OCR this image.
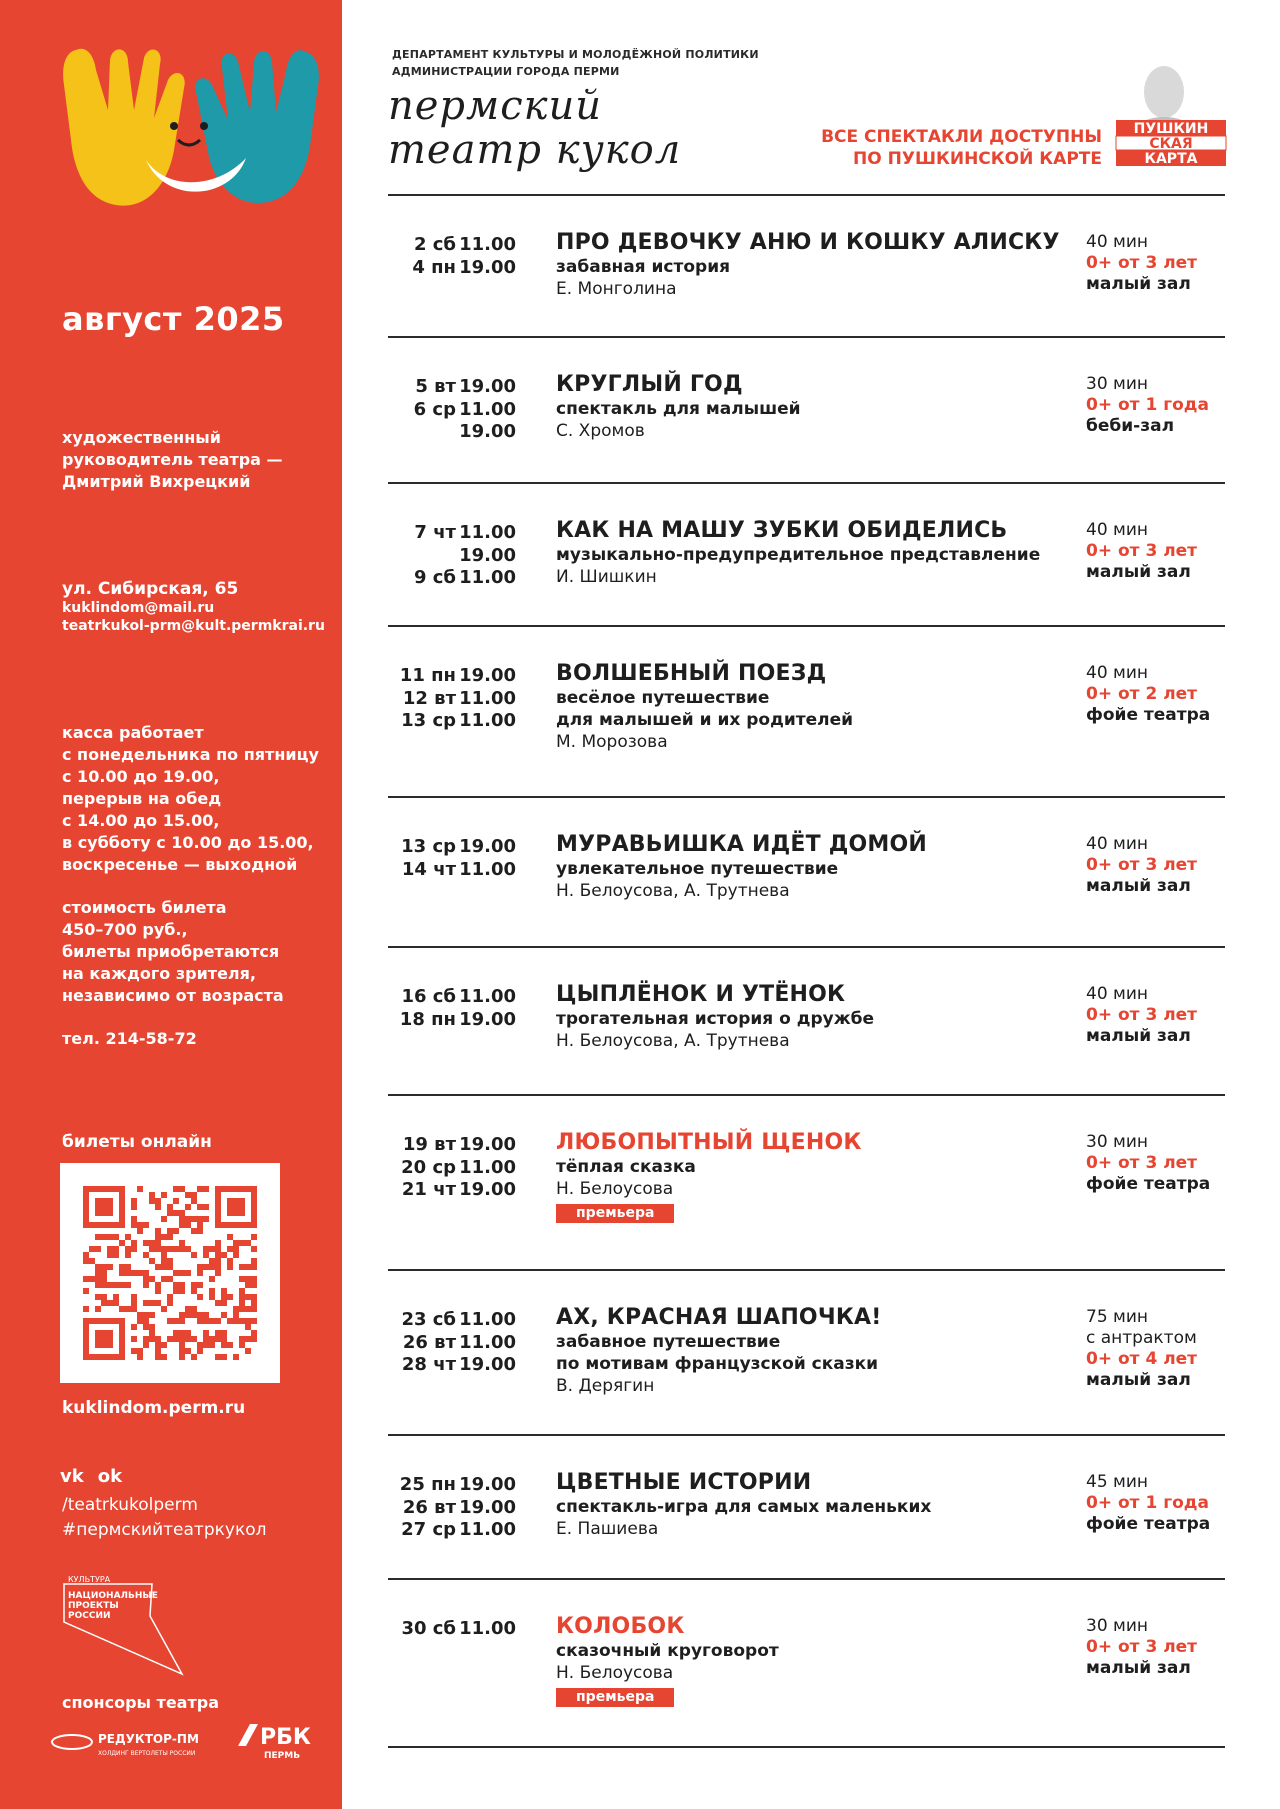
август 2025
художественный
руководитель театра —
Дмитрий Вихрецкий
ул. Сибирская, 65
kuklindom@mail.ru
teatrkukol-prm@kult.permkrai.ru
касса работает
с понедельника по пятницу
с 10.00 до 19.00,
перерыв на обед
с 14.00 до 15.00,
в субботу с 10.00 до 15.00,
воскресенье — выходной
стоимость билета
450–700 руб.,
билеты приобретаются
на каждого зрителя,
независимо от возраста
тел. 214-58-72
билеты онлайн
kuklindom.perm.ru
vk ok
/teatrkukolperm
#пермскийтеатркукол
КУЛЬТУРА
НАЦИОНАЛЬНЫЕ
ПРОЕКТЫ
РОССИИ
спонсоры театра
РЕДУКТОР-ПМ
ХОЛДИНГ ВЕРТОЛЕТЫ РОССИИ
РБК
ПЕРМЬ
ДЕПАРТАМЕНТ КУЛЬТУРЫ И МОЛОДЁЖНОЙ ПОЛИТИКИ
АДМИНИСТРАЦИИ ГОРОДА ПЕРМИ
пермский
театр кукол	ВСЕ СПЕКТАКЛИ ДОСТУПНЫ
ПО ПУШКИНСКОЙ КАРТЕ
ПУШКИН
СКАЯ
КАРТА
2 сб 11.00
4 пн 19.00
ПРО ДЕВОЧКУ АНЮ И КОШКУ АЛИСКУ
забавная история
Е. Монголина
40 мин
0+ от 3 лет
малый зал
5 вт 19.00
6 ср 11.00
19.00
КРУГЛЫЙ ГОД
спектакль для малышей
С. Хромов
30 мин
0+ от 1 года
беби-зал
7 чт 11.00
19.00
9 сб 11.00
КАК НА МАШУ ЗУБКИ ОБИДЕЛИСЬ
музыкально-предупредительное представление
И. Шишкин
40 мин
0+ от 3 лет
малый зал
11 пн 19.00
12 вт 11.00
13 ср 11.00
ВОЛШЕБНЫЙ ПОЕЗД
весёлое путешествие
для малышей и их родителей
М. Морозова
40 мин
0+ от 2 лет
фойе театра
13 ср 19.00
14 чт 11.00
МУРАВЬИШКА ИДЁТ ДОМОЙ
увлекательное путешествие
Н. Белоусова, А. Трутнева
40 мин
0+ от 3 лет
малый зал
16 сб 11.00
18 пн 19.00
ЦЫПЛЁНОК И УТЁНОК
трогательная история о дружбе
Н. Белоусова, А. Трутнева
40 мин
0+ от 3 лет
малый зал
19 вт 19.00
20 ср 11.00
21 чт 19.00
ЛЮБОПЫТНЫЙ ЩЕНОК
тёплая сказка
Н. Белоусова
премьера
30 мин
0+ от 3 лет
фойе театра
23 сб 11.00
26 вт 11.00
28 чт 19.00
АХ, КРАСНАЯ ШАПОЧКА!
забавное путешествие
по мотивам французской сказки
В. Дерягин
75 мин
с антрактом
0+ от 4 лет
малый зал
25 пн 19.00
26 вт 19.00
27 ср 11.00
ЦВЕТНЫЕ ИСТОРИИ
спектакль-игра для самых маленьких
Е. Пашиева
45 мин
0+ от 1 года
фойе театра
30 сб 11.00 КОЛОБОК
сказочный круговорот
Н. Белоусова
премьера
30 мин
0+ от 3 лет
малый зал
